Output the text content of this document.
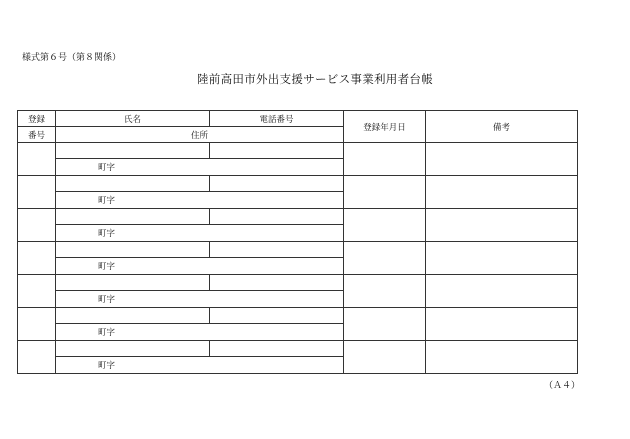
様式第６号（第８関係）
陸前高田市外出支援サービス事業利用者台帳
登録	氏名	電話番号	登録年月日	備考
番号	住所			

	町字			

	町字			

	町字			

	町字			

	町字			

	町字			

	町字			
（Ａ４）
